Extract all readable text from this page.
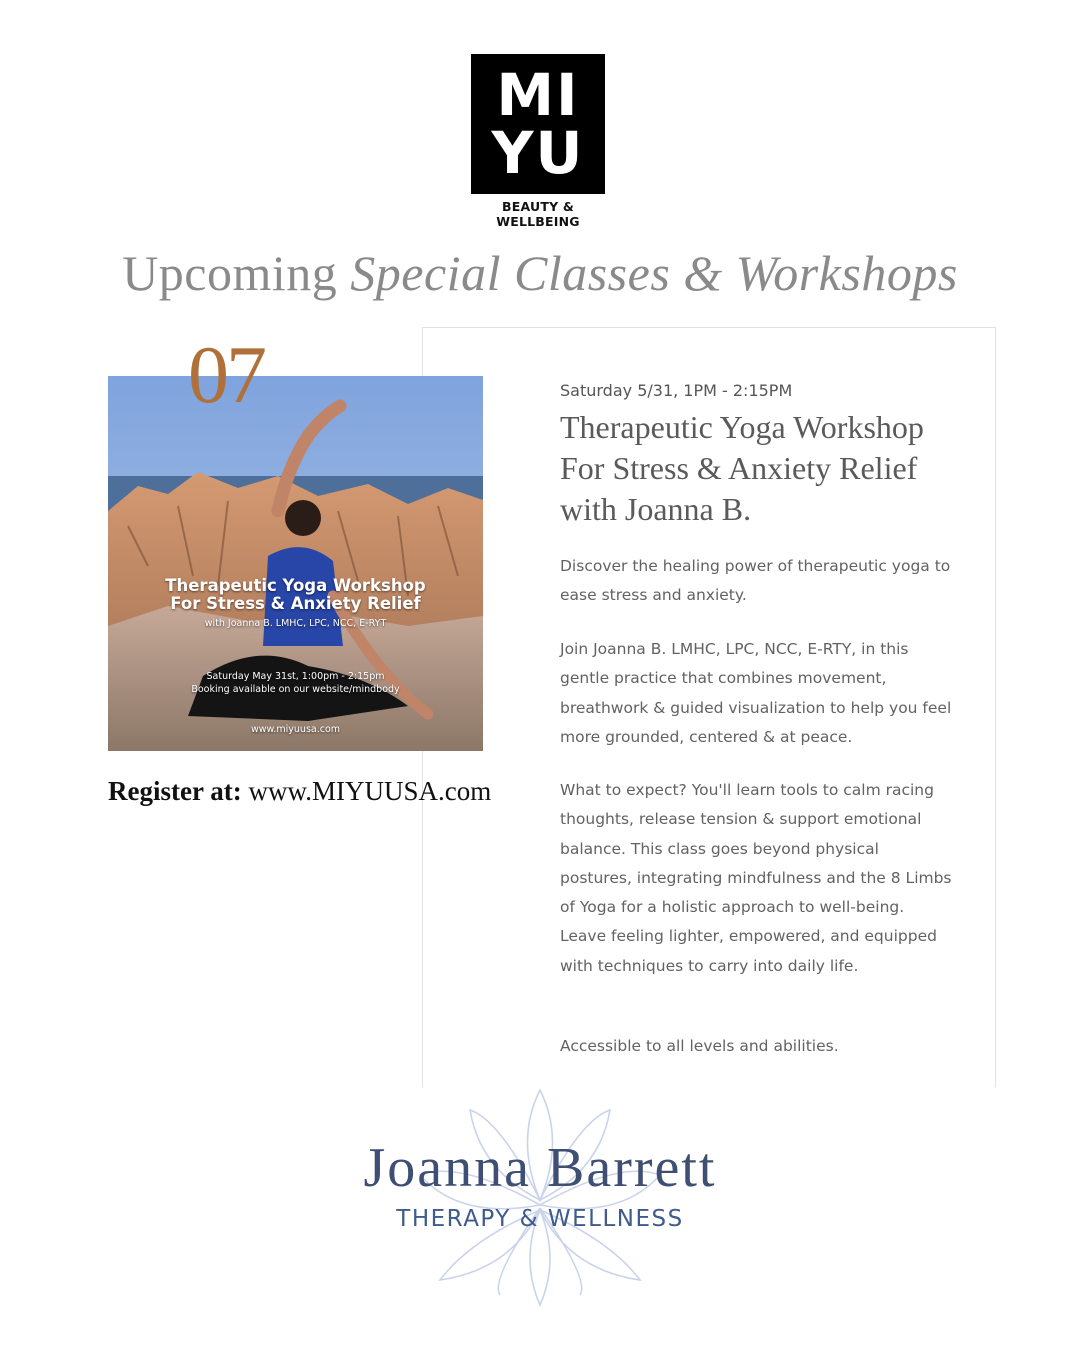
MI
YU
BEAUTY & WELLBEING
Upcoming Special Classes & Workshops
Therapeutic Yoga Workshop
For Stress & Anxiety Relief
with Joanna B. LMHC, LPC, NCC, E-RYT
Saturday May 31st, 1:00pm - 2:15pm
Booking available on our website/mindbody
www.miyuusa.com
07
Register at: www.MIYUUSA.com
Saturday 5/31, 1PM - 2:15PM
Therapeutic Yoga Workshop
For Stress & Anxiety Relief
with Joanna B.

Discover the healing power of therapeutic yoga to ease stress and anxiety.

Join Joanna B. LMHC, LPC, NCC, E-RTY, in this gentle practice that combines movement, breathwork & guided visualization to help you feel more grounded, centered & at peace.

What to expect? You'll learn tools to calm racing thoughts, release tension & support emotional balance. This class goes beyond physical postures, integrating mindfulness and the 8 Limbs of Yoga for a holistic approach to well-being. Leave feeling lighter, empowered, and equipped with techniques to carry into daily life.

Accessible to all levels and abilities.

Joanna Barrett
THERAPY & WELLNESS
